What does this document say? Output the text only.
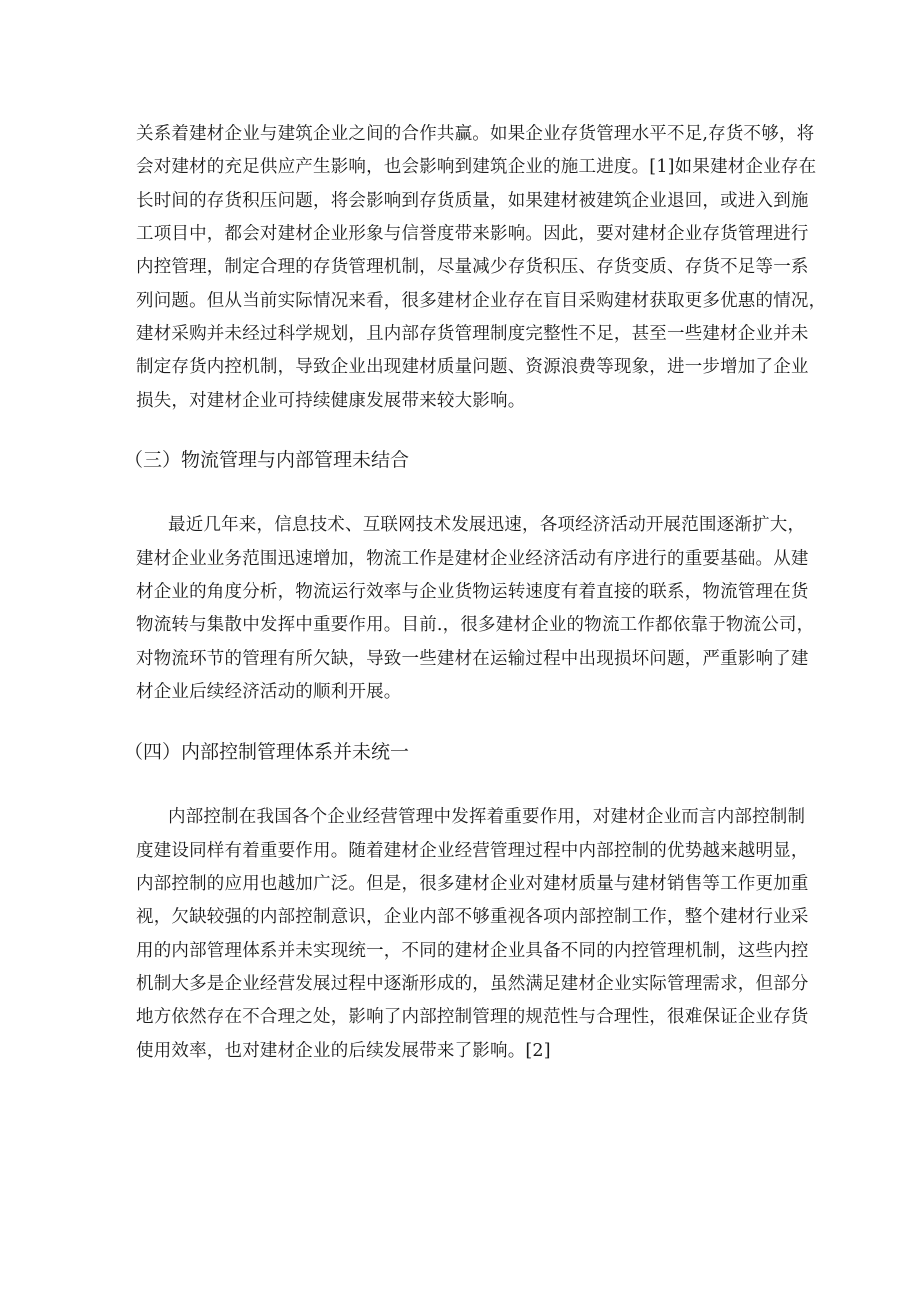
关系着建材企业与建筑企业之间的合作共赢。如果企业存货管理水平不足,存货不够，将
会对建材的充足供应产生影响，也会影响到建筑企业的施工进度。[1]如果建材企业存在
长时间的存货积压问题，将会影响到存货质量，如果建材被建筑企业退回，或进入到施
工项目中，都会对建材企业形象与信誉度带来影响。因此，要对建材企业存货管理进行
内控管理，制定合理的存货管理机制，尽量减少存货积压、存货变质、存货不足等一系
列问题。但从当前实际情况来看，很多建材企业存在盲目采购建材获取更多优惠的情况，
建材采购并未经过科学规划，且内部存货管理制度完整性不足，甚至一些建材企业并未
制定存货内控机制，导致企业出现建材质量问题、资源浪费等现象，进一步增加了企业
损失，对建材企业可持续健康发展带来较大影响。
（三）物流管理与内部管理未结合
最近几年来，信息技术、互联网技术发展迅速，各项经济活动开展范围逐渐扩大，
建材企业业务范围迅速增加，物流工作是建材企业经济活动有序进行的重要基础。从建
材企业的角度分析，物流运行效率与企业货物运转速度有着直接的联系，物流管理在货
物流转与集散中发挥中重要作用。目前.，很多建材企业的物流工作都依靠于物流公司，
对物流环节的管理有所欠缺，导致一些建材在运输过程中出现损坏问题，严重影响了建
材企业后续经济活动的顺利开展。
（四）内部控制管理体系并未统一
内部控制在我国各个企业经营管理中发挥着重要作用，对建材企业而言内部控制制
度建设同样有着重要作用。随着建材企业经营管理过程中内部控制的优势越来越明显，
内部控制的应用也越加广泛。但是，很多建材企业对建材质量与建材销售等工作更加重
视，欠缺较强的内部控制意识，企业内部不够重视各项内部控制工作，整个建材行业采
用的内部管理体系并未实现统一，不同的建材企业具备不同的内控管理机制，这些内控
机制大多是企业经营发展过程中逐渐形成的，虽然满足建材企业实际管理需求，但部分
地方依然存在不合理之处，影响了内部控制管理的规范性与合理性，很难保证企业存货
使用效率，也对建材企业的后续发展带来了影响。[2]
